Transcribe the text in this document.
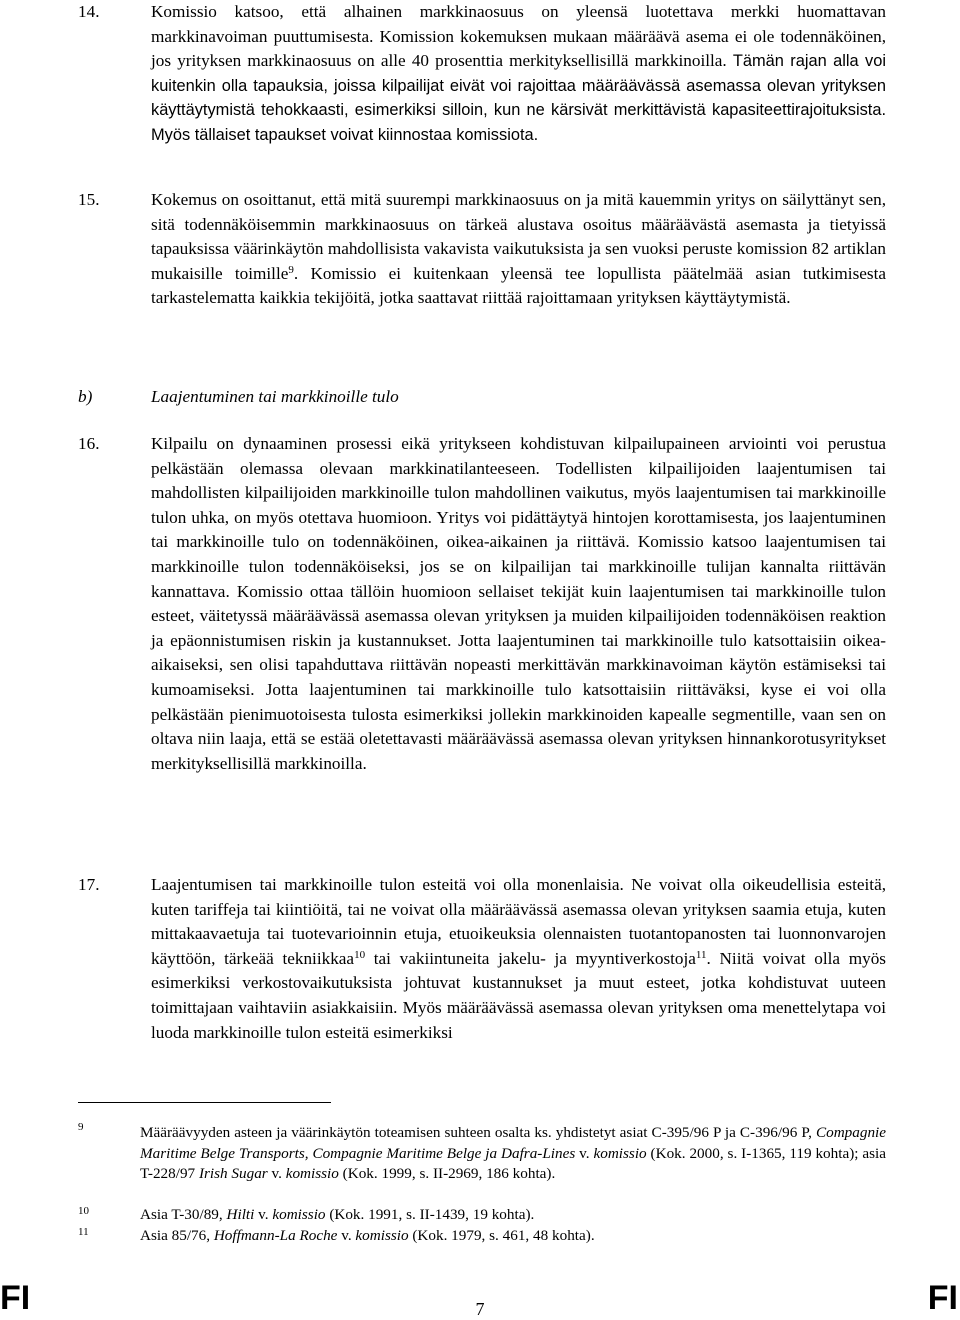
14.	Komissio katsoo, että alhainen markkinaosuus on yleensä luotettava merkki huomattavan markkinavoiman puuttumisesta. Komission kokemuksen mukaan määräävä asema ei ole todennäköinen, jos yrityksen markkinaosuus on alle 40 prosenttia merkityksellisillä markkinoilla. Tämän rajan alla voi kuitenkin olla tapauksia, joissa kilpailijat eivät voi rajoittaa määräävässä asemassa olevan yrityksen käyttäytymistä tehokkaasti, esimerkiksi silloin, kun ne kärsivät merkittävistä kapasiteettirajoituksista. Myös tällaiset tapaukset voivat kiinnostaa komissiota.
15.	Kokemus on osoittanut, että mitä suurempi markkinaosuus on ja mitä kauemmin yritys on säilyttänyt sen, sitä todennäköisemmin markkinaosuus on tärkeä alustava osoitus määräävästä asemasta ja tietyissä tapauksissa väärinkäytön mahdollisista vakavista vaikutuksista ja sen vuoksi peruste komission 82 artiklan mukaisille toimille$^9$. Komissio ei kuitenkaan yleensä tee lopullista päätelmää asian tutkimisesta tarkastelematta kaikkia tekijöitä, jotka saattavat riittää rajoittamaan yrityksen käyttäytymistä.
b)	Laajentuminen tai markkinoille tulo
16.	Kilpailu on dynaaminen prosessi eikä yritykseen kohdistuvan kilpailupaineen arviointi voi perustua pelkästään olemassa olevaan markkinatilanteeseen. Todellisten kilpailijoiden laajentumisen tai mahdollisten kilpailijoiden markkinoille tulon mahdollinen vaikutus, myös laajentumisen tai markkinoille tulon uhka, on myös otettava huomioon. Yritys voi pidättäytyä hintojen korottamisesta, jos laajentuminen tai markkinoille tulo on todennäköinen, oikea-aikainen ja riittävä. Komissio katsoo laajentumisen tai markkinoille tulon todennäköiseksi, jos se on kilpailijan tai markkinoille tulijan kannalta riittävän kannattava. Komissio ottaa tällöin huomioon sellaiset tekijät kuin laajentumisen tai markkinoille tulon esteet, väitetyssä määräävässä asemassa olevan yrityksen ja muiden kilpailijoiden todennäköisen reaktion ja epäonnistumisen riskin ja kustannukset. Jotta laajentuminen tai markkinoille tulo katsottaisiin oikea-aikaiseksi, sen olisi tapahduttava riittävän nopeasti merkittävän markkinavoiman käytön estämiseksi tai kumoamiseksi. Jotta laajentuminen tai markkinoille tulo katsottaisiin riittäväksi, kyse ei voi olla pelkästään pienimuotoisesta tulosta esimerkiksi jollekin markkinoiden kapealle segmentille, vaan sen on oltava niin laaja, että se estää oletettavasti määräävässä asemassa olevan yrityksen hinnankorotusyritykset merkityksellisillä markkinoilla.
17.	Laajentumisen tai markkinoille tulon esteitä voi olla monenlaisia. Ne voivat olla oikeudellisia esteitä, kuten tariffeja tai kiintiöitä, tai ne voivat olla määräävässä asemassa olevan yrityksen saamia etuja, kuten mittakaavaetuja tai tuotevarioinnin etuja, etuoikeuksia olennaisten tuotantopanosten tai luonnonvarojen käyttöön, tärkeää tekniikkaa$^{10}$ tai vakiintuneita jakelu- ja myyntiverkostoja$^{11}$. Niitä voivat olla myös esimerkiksi verkostovaikutuksista johtuvat kustannukset ja muut esteet, jotka kohdistuvat uuteen toimittajaan vaihtaviin asiakkaisiin. Myös määräävässä asemassa olevan yrityksen oma menettelytapa voi luoda markkinoille tulon esteitä esimerkiksi
9	Määräävyyden asteen ja väärinkäytön toteamisen suhteen osalta ks. yhdistetyt asiat C-395/96 P ja C-396/96 P, Compagnie Maritime Belge Transports, Compagnie Maritime Belge ja Dafra-Lines v. komissio (Kok. 2000, s. I-1365, 119 kohta); asia T-228/97 Irish Sugar v. komissio (Kok. 1999, s. II-2969, 186 kohta).
10	Asia T-30/89, Hilti v. komissio (Kok. 1991, s. II-1439, 19 kohta).
11	Asia 85/76, Hoffmann-La Roche v. komissio (Kok. 1979, s. 461, 48 kohta).
FI	7	FI
